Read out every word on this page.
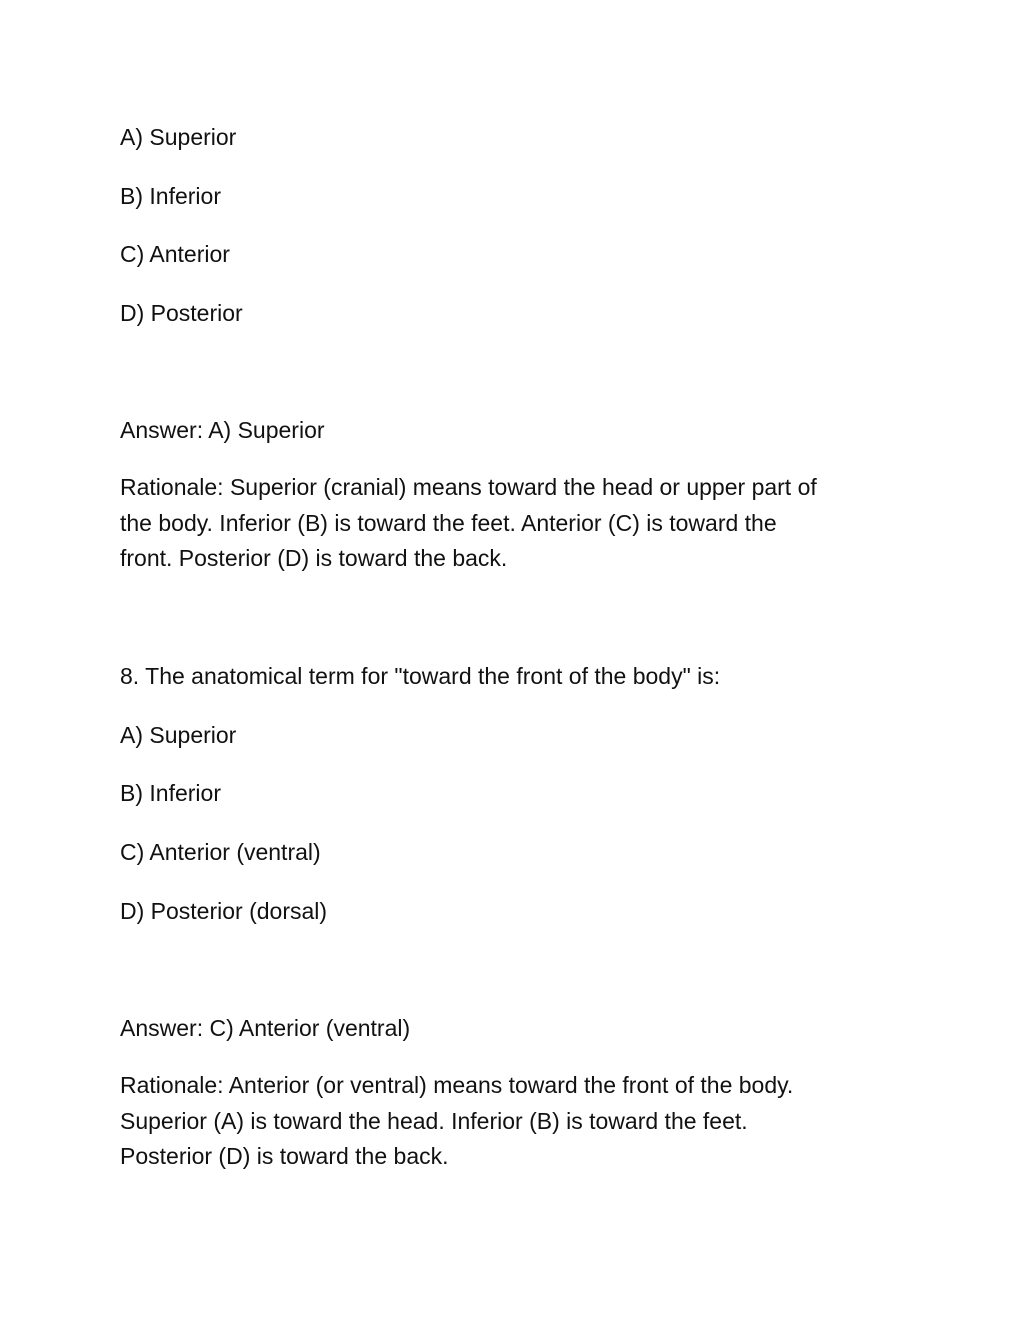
A) Superior

B) Inferior

C) Anterior

D) Posterior

Answer: A) Superior

Rationale: Superior (cranial) means toward the head or upper part of
the body. Inferior (B) is toward the feet. Anterior (C) is toward the
front. Posterior (D) is toward the back.

8. The anatomical term for "toward the front of the body" is:

A) Superior

B) Inferior

C) Anterior (ventral)

D) Posterior (dorsal)

Answer: C) Anterior (ventral)

Rationale: Anterior (or ventral) means toward the front of the body.
Superior (A) is toward the head. Inferior (B) is toward the feet.
Posterior (D) is toward the back.
